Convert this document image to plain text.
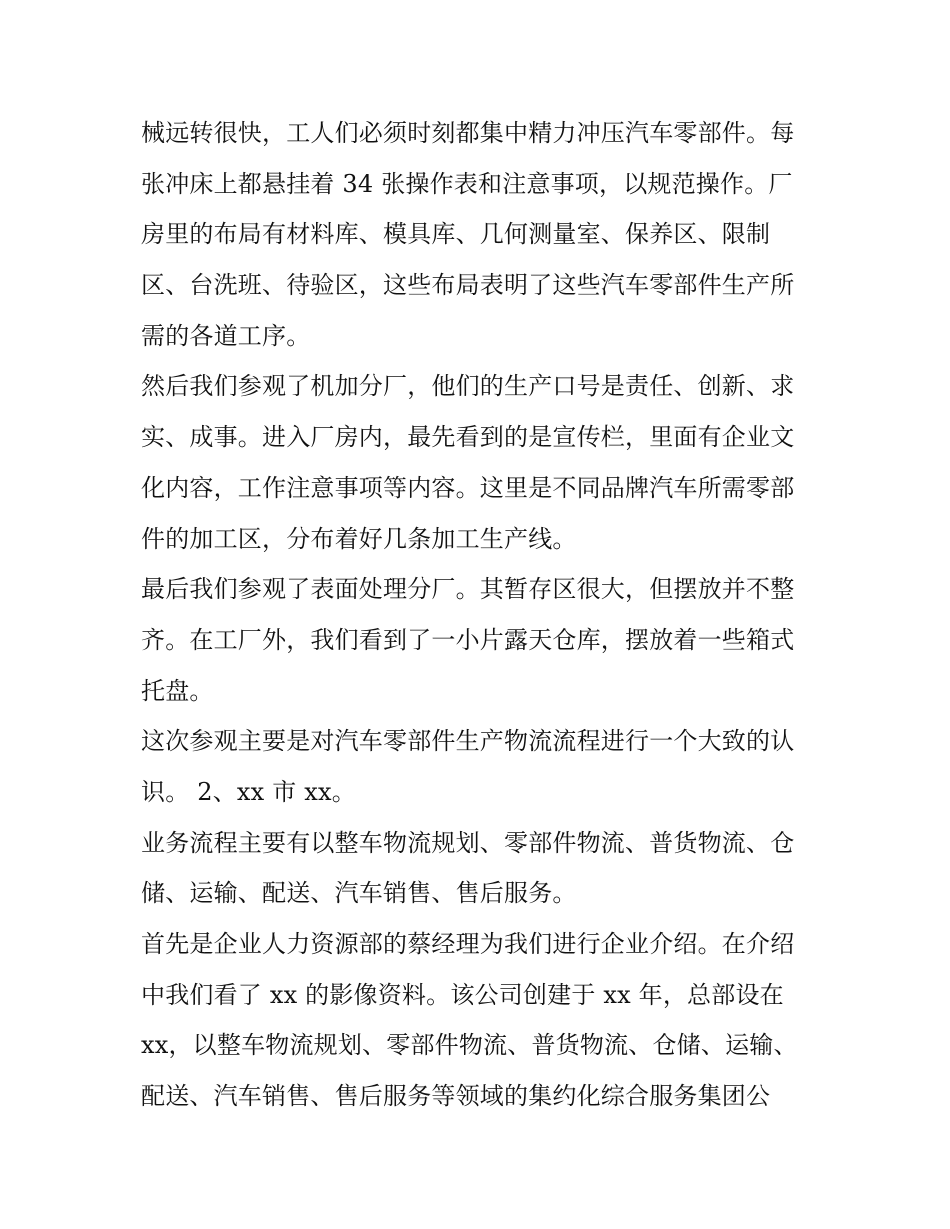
械远转很快，工人们必须时刻都集中精力冲压汽车零部件。每
张冲床上都悬挂着 34 张操作表和注意事项，以规范操作。厂
房里的布局有材料库、模具库、几何测量室、保养区、限制
区、台洗班、待验区，这些布局表明了这些汽车零部件生产所
需的各道工序。
然后我们参观了机加分厂，他们的生产口号是责任、创新、求
实、成事。进入厂房内，最先看到的是宣传栏，里面有企业文
化内容，工作注意事项等内容。这里是不同品牌汽车所需零部
件的加工区，分布着好几条加工生产线。
最后我们参观了表面处理分厂。其暂存区很大，但摆放并不整
齐。在工厂外，我们看到了一小片露天仓库，摆放着一些箱式
托盘。
这次参观主要是对汽车零部件生产物流流程进行一个大致的认
识。 2、xx 市 xx。
业务流程主要有以整车物流规划、零部件物流、普货物流、仓
储、运输、配送、汽车销售、售后服务。
首先是企业人力资源部的蔡经理为我们进行企业介绍。在介绍
中我们看了 xx 的影像资料。该公司创建于 xx 年，总部设在
xx，以整车物流规划、零部件物流、普货物流、仓储、运输、
配送、汽车销售、售后服务等领域的集约化综合服务集团公
